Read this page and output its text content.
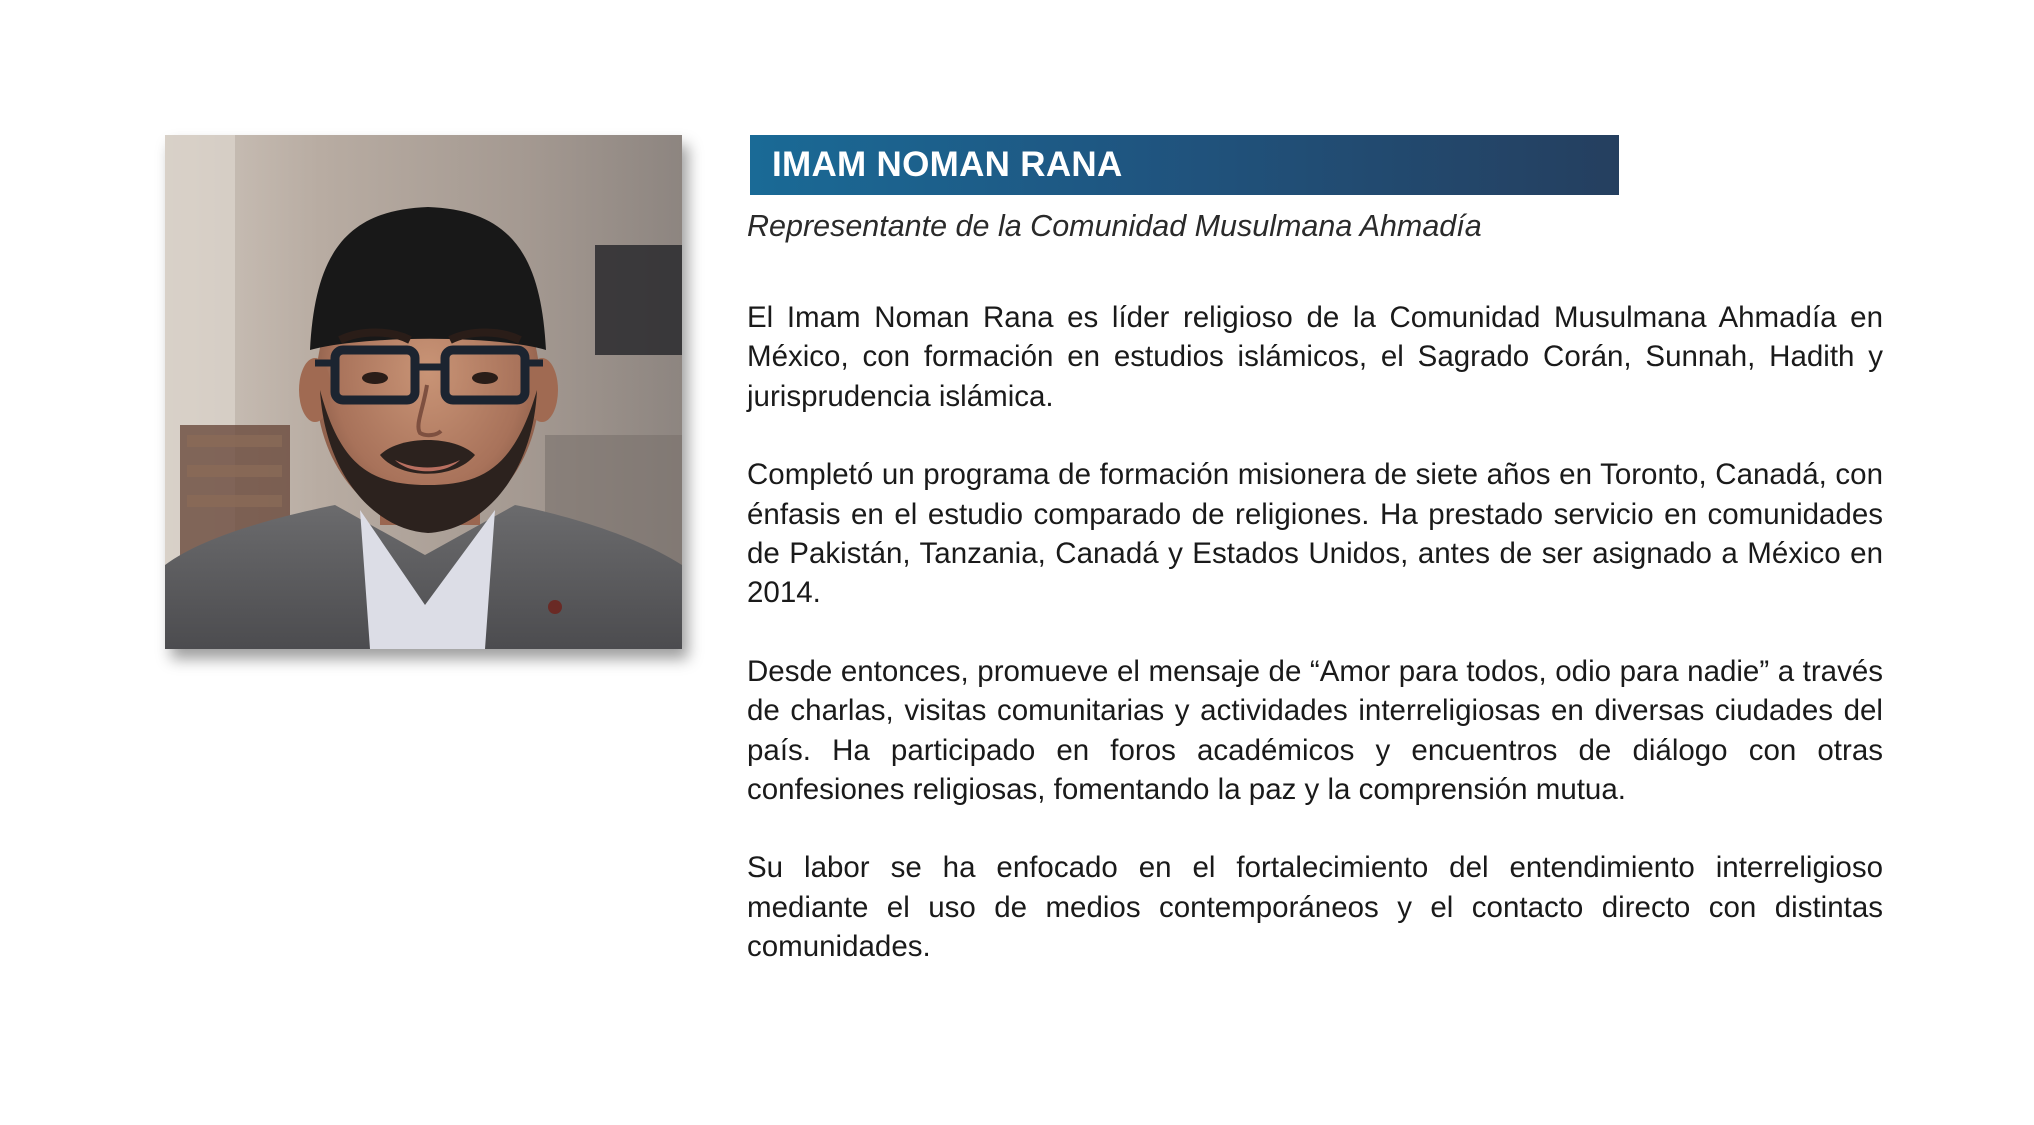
IMAM NOMAN RANA
Representante de la Comunidad Musulmana Ahmadía

El Imam Noman Rana es líder religioso de la Comunidad Musulmana Ahmadía en México, con formación en estudios islámicos, el Sagrado Corán, Sunnah, Hadith y jurisprudencia islámica.

Completó un programa de formación misionera de siete años en Toronto, Canadá, con énfasis en el estudio comparado de religiones. Ha prestado servicio en comunidades de Pakistán, Tanzania, Canadá y Estados Unidos, antes de ser asignado a México en 2014.

Desde entonces, promueve el mensaje de “Amor para todos, odio para nadie” a través de charlas, visitas comunitarias y actividades interreligiosas en diversas ciudades del país. Ha participado en foros académicos y encuentros de diálogo con otras confesiones religiosas, fomentando la paz y la comprensión mutua.

Su labor se ha enfocado en el fortalecimiento del entendimiento interreligioso mediante el uso de medios contemporáneos y el contacto directo con distintas comunidades.
